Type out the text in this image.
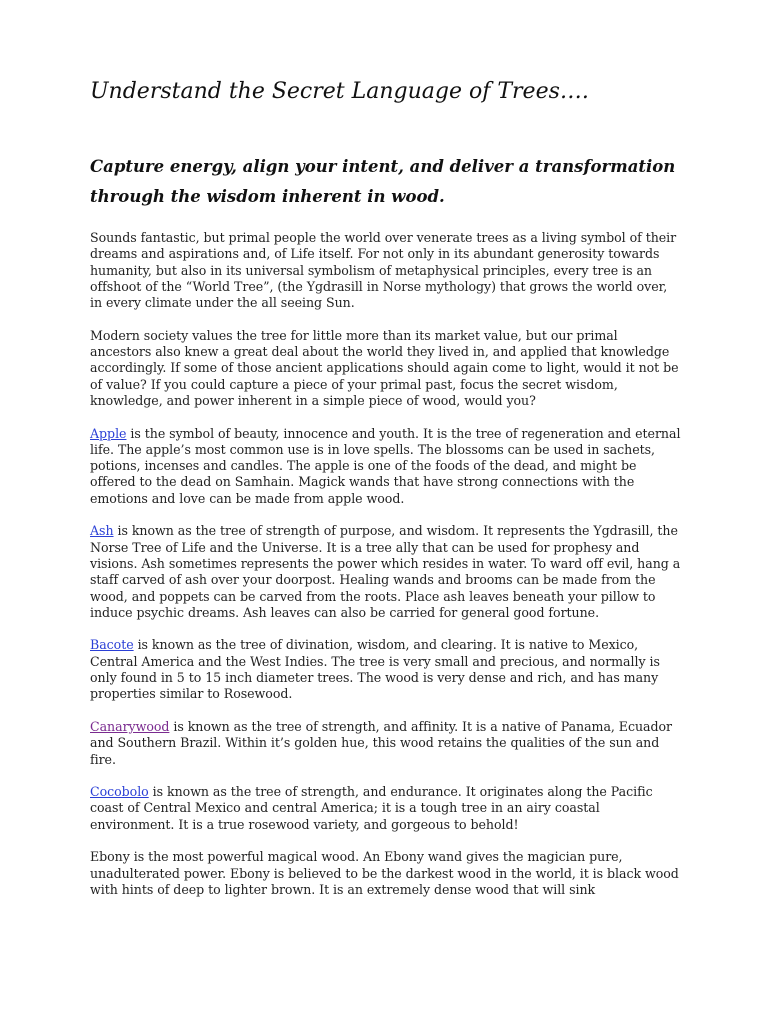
Understand the Secret Language of Trees….
Capture energy, align your intent, and deliver a transformation through the wisdom inherent in wood.

Sounds fantastic, but primal people the world over venerate trees as a living symbol of their dreams and aspirations and, of Life itself. For not only in its abundant generosity towards humanity, but also in its universal symbolism of metaphysical principles, every tree is an offshoot of the “World Tree”, (the Ygdrasill in Norse mythology) that grows the world over, in every climate under the all seeing Sun.

Modern society values the tree for little more than its market value, but our primal ancestors also knew a great deal about the world they lived in, and applied that knowledge accordingly. If some of those ancient applications should again come to light, would it not be of value? If you could capture a piece of your primal past, focus the secret wisdom, knowledge, and power inherent in a simple piece of wood, would you?

Apple is the symbol of beauty, innocence and youth. It is the tree of regeneration and eternal life. The apple’s most common use is in love spells. The blossoms can be used in sachets, potions, incenses and candles. The apple is one of the foods of the dead, and might be offered to the dead on Samhain. Magick wands that have strong connections with the emotions and love can be made from apple wood.

Ash is known as the tree of strength of purpose, and wisdom. It represents the Ygdrasill, the Norse Tree of Life and the Universe. It is a tree ally that can be used for prophesy and visions. Ash sometimes represents the power which resides in water. To ward off evil, hang a staff carved of ash over your doorpost. Healing wands and brooms can be made from the wood, and poppets can be carved from the roots. Place ash leaves beneath your pillow to induce psychic dreams. Ash leaves can also be carried for general good fortune.

Bacote is known as the tree of divination, wisdom, and clearing. It is native to Mexico, Central America and the West Indies. The tree is very small and precious, and normally is only found in 5 to 15 inch diameter trees. The wood is very dense and rich, and has many properties similar to Rosewood.

Canarywood is known as the tree of strength, and affinity. It is a native of Panama, Ecuador and Southern Brazil. Within it’s golden hue, this wood retains the qualities of the sun and fire.

Cocobolo is known as the tree of strength, and endurance. It originates along the Pacific coast of Central Mexico and central America; it is a tough tree in an airy coastal environment. It is a true rosewood variety, and gorgeous to behold!

Ebony is the most powerful magical wood. An Ebony wand gives the magician pure, unadulterated power. Ebony is believed to be the darkest wood in the world, it is black wood with hints of deep to lighter brown. It is an extremely dense wood that will sink
